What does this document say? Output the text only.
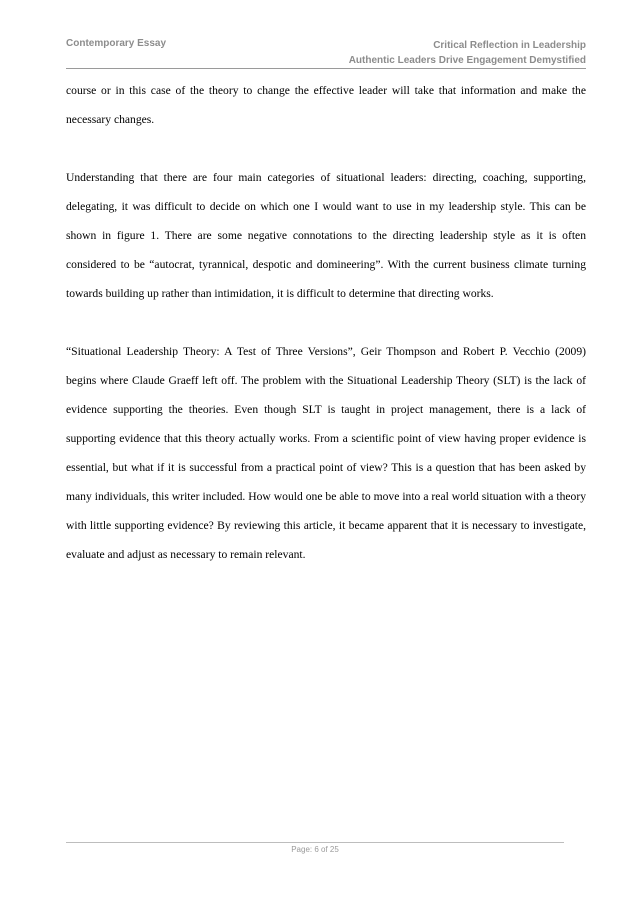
Contemporary Essay	Critical Reflection in Leadership
Authentic Leaders Drive Engagement Demystified

course or in this case of the theory to change the effective leader will take that information and make the necessary changes.

Understanding that there are four main categories of situational leaders: directing, coaching, supporting, delegating, it was difficult to decide on which one I would want to use in my leadership style. This can be shown in figure 1. There are some negative connotations to the directing leadership style as it is often considered to be “autocrat, tyrannical, despotic and domineering”. With the current business climate turning towards building up rather than intimidation, it is difficult to determine that directing works.

“Situational Leadership Theory: A Test of Three Versions”, Geir Thompson and Robert P. Vecchio (2009) begins where Claude Graeff left off. The problem with the Situational Leadership Theory (SLT) is the lack of evidence supporting the theories. Even though SLT is taught in project management, there is a lack of supporting evidence that this theory actually works. From a scientific point of view having proper evidence is essential, but what if it is successful from a practical point of view? This is a question that has been asked by many individuals, this writer included. How would one be able to move into a real world situation with a theory with little supporting evidence? By reviewing this article, it became apparent that it is necessary to investigate, evaluate and adjust as necessary to remain relevant.

Page: 6 of 25
